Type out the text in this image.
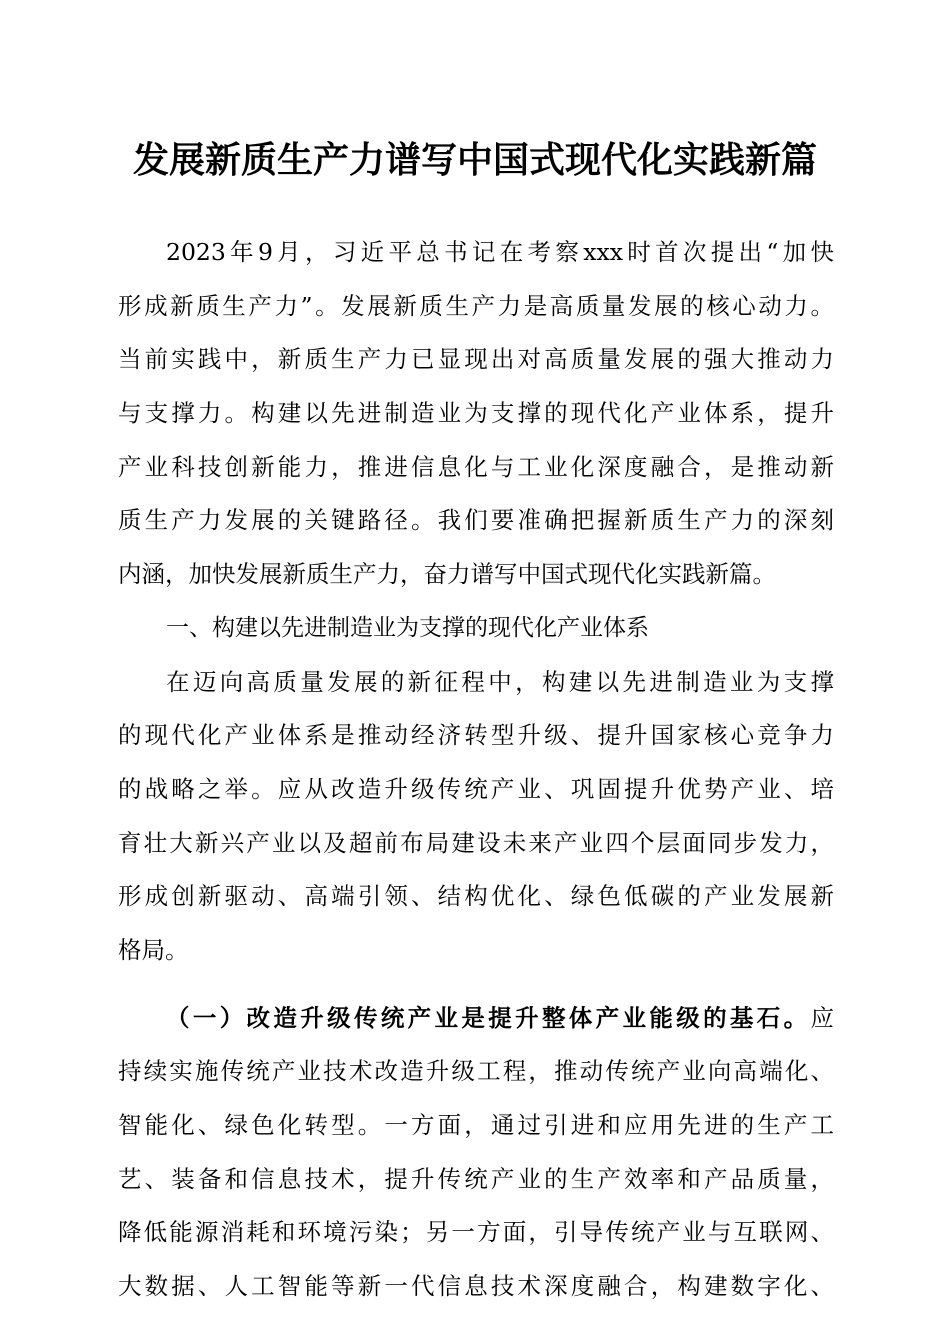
发展新质生产力谱写中国式现代化实践新篇
2023年9月，习近平总书记在考察xxx时首次提出“加快
形成新质生产力”。发展新质生产力是高质量发展的核心动力。
当前实践中，新质生产力已显现出对高质量发展的强大推动力
与支撑力。构建以先进制造业为支撑的现代化产业体系，提升
产业科技创新能力，推进信息化与工业化深度融合，是推动新
质生产力发展的关键路径。我们要准确把握新质生产力的深刻
内涵，加快发展新质生产力，奋力谱写中国式现代化实践新篇。
一、构建以先进制造业为支撑的现代化产业体系
在迈向高质量发展的新征程中，构建以先进制造业为支撑
的现代化产业体系是推动经济转型升级、提升国家核心竞争力
的战略之举。应从改造升级传统产业、巩固提升优势产业、培
育壮大新兴产业以及超前布局建设未来产业四个层面同步发力，
形成创新驱动、高端引领、结构优化、绿色低碳的产业发展新
格局。
（一）改造升级传统产业是提升整体产业能级的基石。应
持续实施传统产业技术改造升级工程，推动传统产业向高端化、
智能化、绿色化转型。一方面，通过引进和应用先进的生产工
艺、装备和信息技术，提升传统产业的生产效率和产品质量，
降低能源消耗和环境污染；另一方面，引导传统产业与互联网、
大数据、人工智能等新一代信息技术深度融合，构建数字化、
